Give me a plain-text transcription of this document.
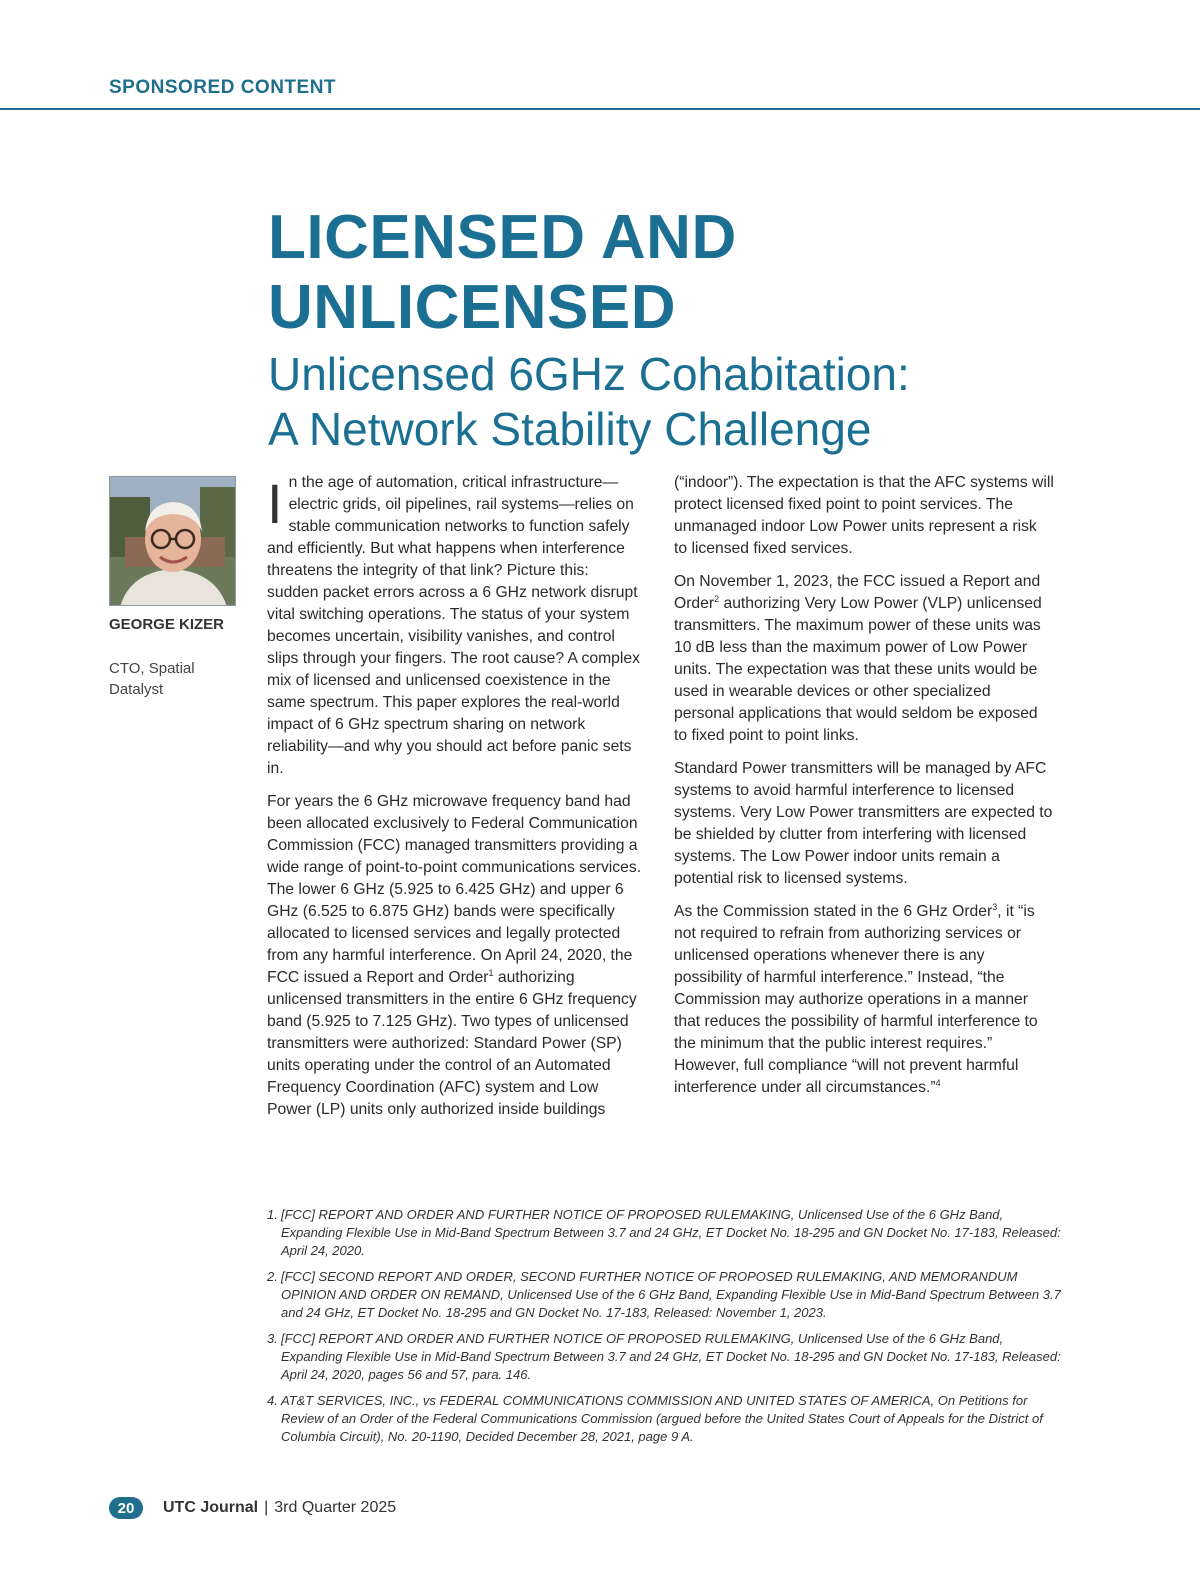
SPONSORED CONTENT
LICENSED AND
UNLICENSED
Unlicensed 6GHz Cohabitation:
A Network Stability Challenge
GEORGE KIZER
CTO, Spatial Datalyst

In the age of automation, critical infrastructure—electric grids, oil pipelines, rail systems—relies on stable communication networks to function safely and efficiently. But what happens when interference threatens the integrity of that link? Picture this: sudden packet errors across a 6 GHz network disrupt vital switching operations. The status of your system becomes uncertain, visibility vanishes, and control slips through your fingers. The root cause? A complex mix of licensed and unlicensed coexistence in the same spectrum. This paper explores the real-world impact of 6 GHz spectrum sharing on network reliability—and why you should act before panic sets in.

For years the 6 GHz microwave frequency band had been allocated exclusively to Federal Communication Commission (FCC) managed transmitters providing a wide range of point-to-point communications services. The lower 6 GHz (5.925 to 6.425 GHz) and upper 6 GHz (6.525 to 6.875 GHz) bands were specifically allocated to licensed services and legally protected from any harmful interference. On April 24, 2020, the FCC issued a Report and Order$^1$ authorizing unlicensed transmitters in the entire 6 GHz frequency band (5.925 to 7.125 GHz). Two types of unlicensed transmitters were authorized: Standard Power (SP) units operating under the control of an Automated Frequency Coordination (AFC) system and Low Power (LP) units only authorized inside buildings

(“indoor”). The expectation is that the AFC systems will protect licensed fixed point to point services. The unmanaged indoor Low Power units represent a risk to licensed fixed services.

On November 1, 2023, the FCC issued a Report and Order$^2$ authorizing Very Low Power (VLP) unlicensed transmitters. The maximum power of these units was 10 dB less than the maximum power of Low Power units. The expectation was that these units would be used in wearable devices or other specialized personal applications that would seldom be exposed to fixed point to point links.

Standard Power transmitters will be managed by AFC systems to avoid harmful interference to licensed systems. Very Low Power transmitters are expected to be shielded by clutter from interfering with licensed systems. The Low Power indoor units remain a potential risk to licensed systems.

As the Commission stated in the 6 GHz Order$^3$, it “is not required to refrain from authorizing services or unlicensed operations whenever there is any possibility of harmful interference.” Instead, “the Commission may authorize operations in a manner that reduces the possibility of harmful interference to the minimum that the public interest requires.” However, full compliance “will not prevent harmful interference under all circumstances.”$^4$

1. [FCC] REPORT AND ORDER AND FURTHER NOTICE OF PROPOSED RULEMAKING, Unlicensed Use of the 6 GHz Band, Expanding Flexible Use in Mid-Band Spectrum Between 3.7 and 24 GHz, ET Docket No. 18-295 and GN Docket No. 17-183, Released: April 24, 2020.
2. [FCC] SECOND REPORT AND ORDER, SECOND FURTHER NOTICE OF PROPOSED RULEMAKING, AND MEMORANDUM OPINION AND ORDER ON REMAND, Unlicensed Use of the 6 GHz Band, Expanding Flexible Use in Mid-Band Spectrum Between 3.7 and 24 GHz, ET Docket No. 18-295 and GN Docket No. 17-183, Released: November 1, 2023.
3. [FCC] REPORT AND ORDER AND FURTHER NOTICE OF PROPOSED RULEMAKING, Unlicensed Use of the 6 GHz Band, Expanding Flexible Use in Mid-Band Spectrum Between 3.7 and 24 GHz, ET Docket No. 18-295 and GN Docket No. 17-183, Released: April 24, 2020, pages 56 and 57, para. 146.
4. AT&T SERVICES, INC., vs FEDERAL COMMUNICATIONS COMMISSION AND UNITED STATES OF AMERICA, On Petitions for Review of an Order of the Federal Communications Commission (argued before the United States Court of Appeals for the District of Columbia Circuit), No. 20-1190, Decided December 28, 2021, page 9 A.
20	UTC Journal | 3rd Quarter 2025
